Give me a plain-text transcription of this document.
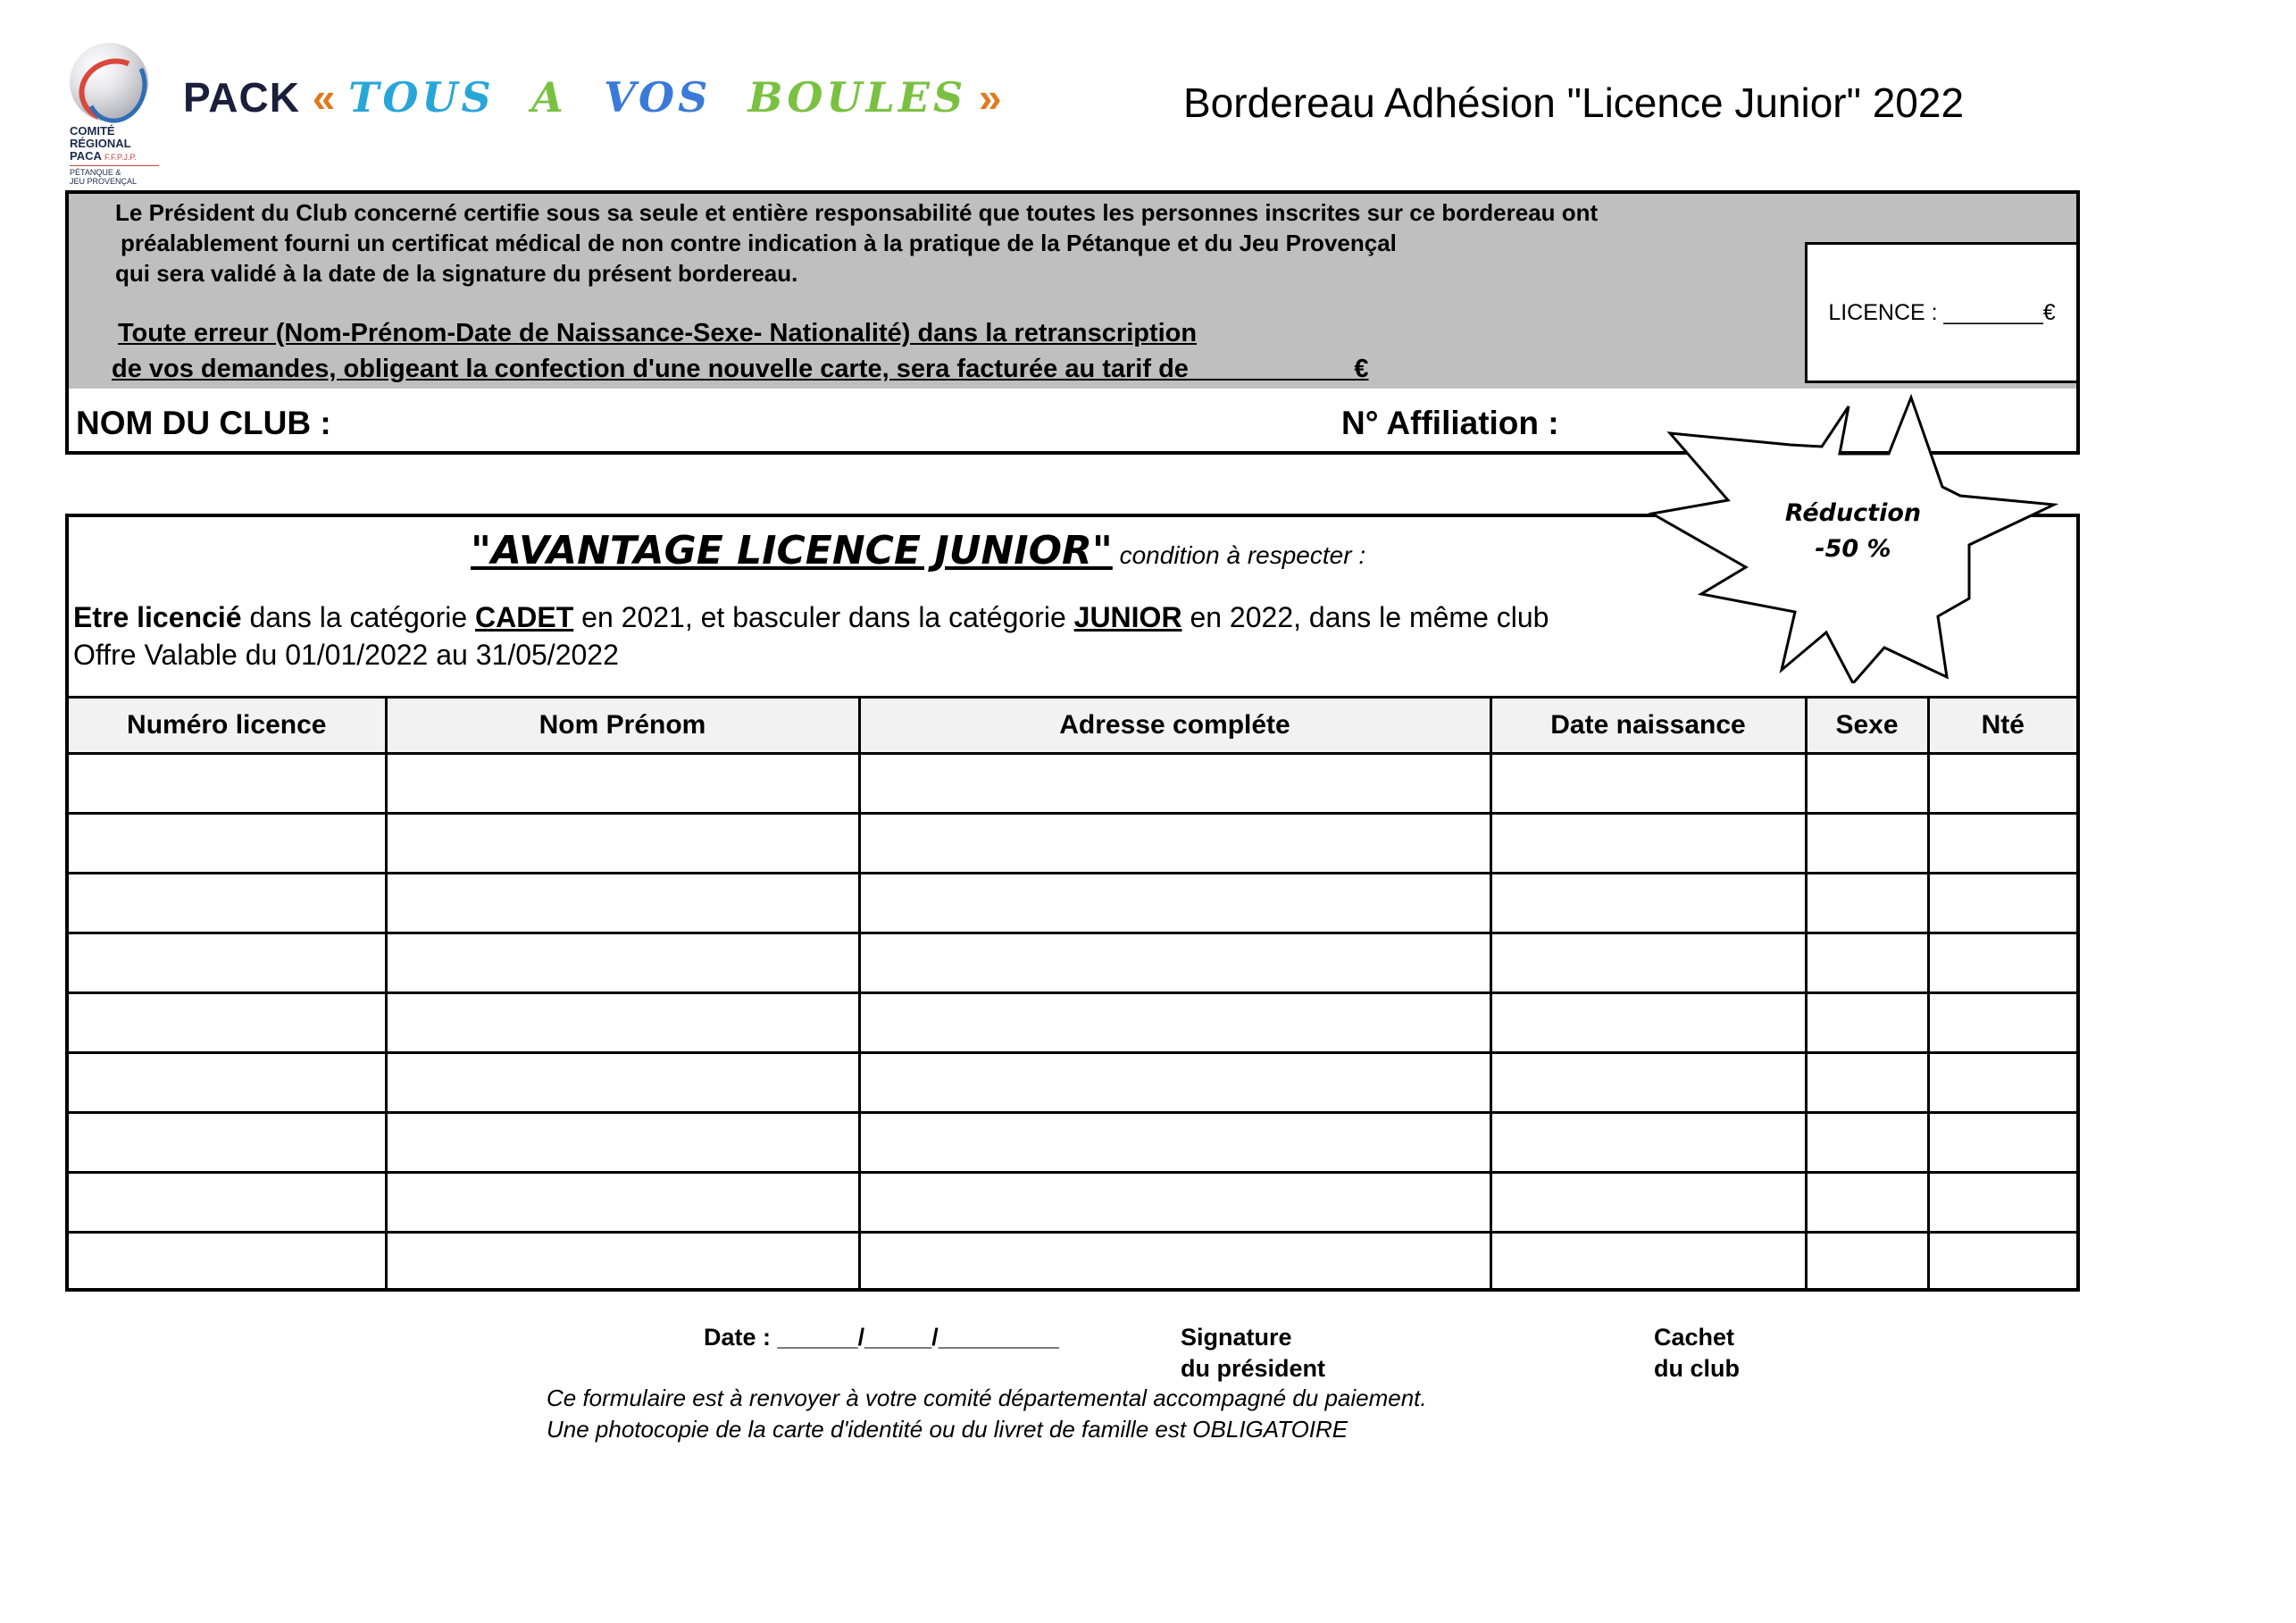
COMITÉ
RÉGIONAL
PACA F.F.P.J.P.
PÉTANQUE &
JEU PROVENÇAL
PACK « TOUS A VOS BOULES »	Bordereau Adhésion "Licence Junior" 2022
Le Président du Club concerné certifie sous sa seule et entière responsabilité que toutes les personnes inscrites sur ce bordereau ont
préalablement fourni un certificat médical de non contre indication à la pratique de la Pétanque et du Jeu Provençal
qui sera validé à la date de la signature du présent bordereau.
Toute erreur (Nom-Prénom-Date de Naissance-Sexe- Nationalité) dans la retranscription
de vos demandes, obligeant la confection d'une nouvelle carte, sera facturée au tarif de ___________€
LICENCE : ________€
NOM DU CLUB :	N° Affiliation :
"AVANTAGE LICENCE JUNIOR" condition à respecter :
Etre licencié dans la catégorie CADET en 2021, et basculer dans la catégorie JUNIOR en 2022, dans le même club
Offre Valable du 01/01/2022 au 31/05/2022
Numéro licence	Nom Prénom	Adresse compléte	Date naissance	Sexe	Nté

Réduction
-50 %
Date : ______/_____/_________	Signature
du président
Cachet
du club
Ce formulaire est à renvoyer à votre comité départemental accompagné du paiement.
Une photocopie de la carte d'identité ou du livret de famille est OBLIGATOIRE
